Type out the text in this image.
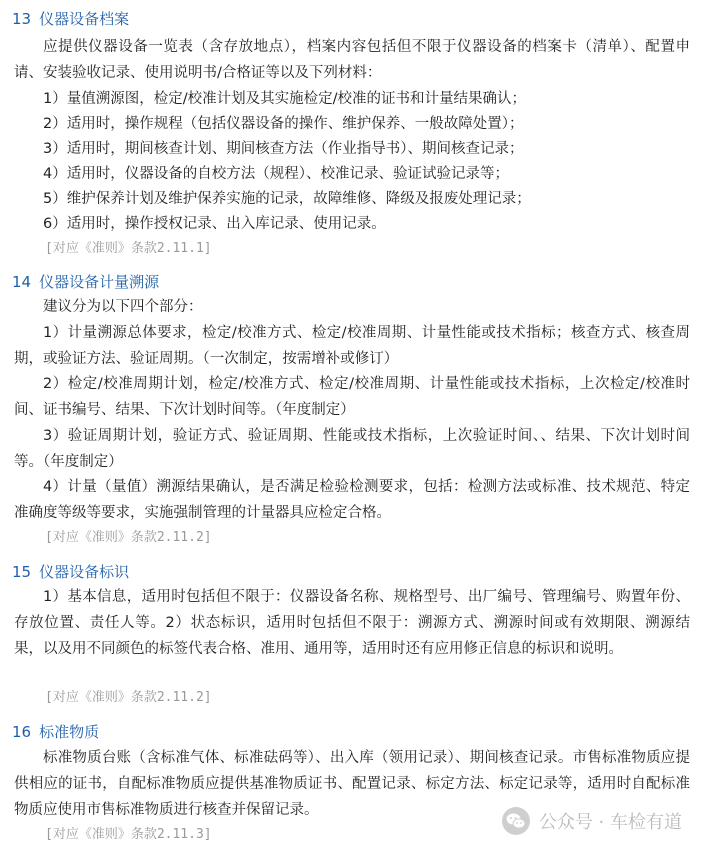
13 仪器设备档案

应提供仪器设备一览表（含存放地点），档案内容包括但不限于仪器设备的档案卡（清单）、配置申请、安装验收记录、使用说明书/合格证等以及下列材料：

1）量值溯源图，检定/校准计划及其实施检定/校准的证书和计量结果确认；

2）适用时，操作规程（包括仪器设备的操作、维护保养、一般故障处置）；

3）适用时，期间核查计划、期间核查方法（作业指导书）、期间核查记录；

4）适用时，仪器设备的自校方法（规程）、校准记录、验证试验记录等；

5）维护保养计划及维护保养实施的记录，故障维修、降级及报废处理记录；

6）适用时，操作授权记录、出入库记录、使用记录。

[对应《准则》条款2.11.1]
14 仪器设备计量溯源

建议分为以下四个部分：

1）计量溯源总体要求，检定/校准方式、检定/校准周期、计量性能或技术指标；核查方式、核查周期，或验证方法、验证周期。（一次制定，按需增补或修订）

2）检定/校准周期计划，检定/校准方式、检定/校准周期、计量性能或技术指标，上次检定/校准时间、证书编号、结果、下次计划时间等。（年度制定）

3）验证周期计划，验证方式、验证周期、性能或技术指标，上次验证时间、、结果、下次计划时间等。（年度制定）

4）计量（量值）溯源结果确认，是否满足检验检测要求，包括：检测方法或标准、技术规范、特定准确度等级等要求，实施强制管理的计量器具应检定合格。

[对应《准则》条款2.11.2]
15 仪器设备标识

1）基本信息，适用时包括但不限于：仪器设备名称、规格型号、出厂编号、管理编号、购置年份、存放位置、责任人等。2）状态标识，适用时包括但不限于：溯源方式、溯源时间或有效期限、溯源结果，以及用不同颜色的标签代表合格、准用、通用等，适用时还有应用修正信息的标识和说明。

[对应《准则》条款2.11.2]
16 标准物质

标准物质台账（含标准气体、标准砝码等）、出入库（领用记录）、期间核查记录。市售标准物质应提供相应的证书，自配标准物质应提供基准物质证书、配置记录、标定方法、标定记录等，适用时自配标准物质应使用市售标准物质进行核查并保留记录。

[对应《准则》条款2.11.3]
公众号 · 车检有道
